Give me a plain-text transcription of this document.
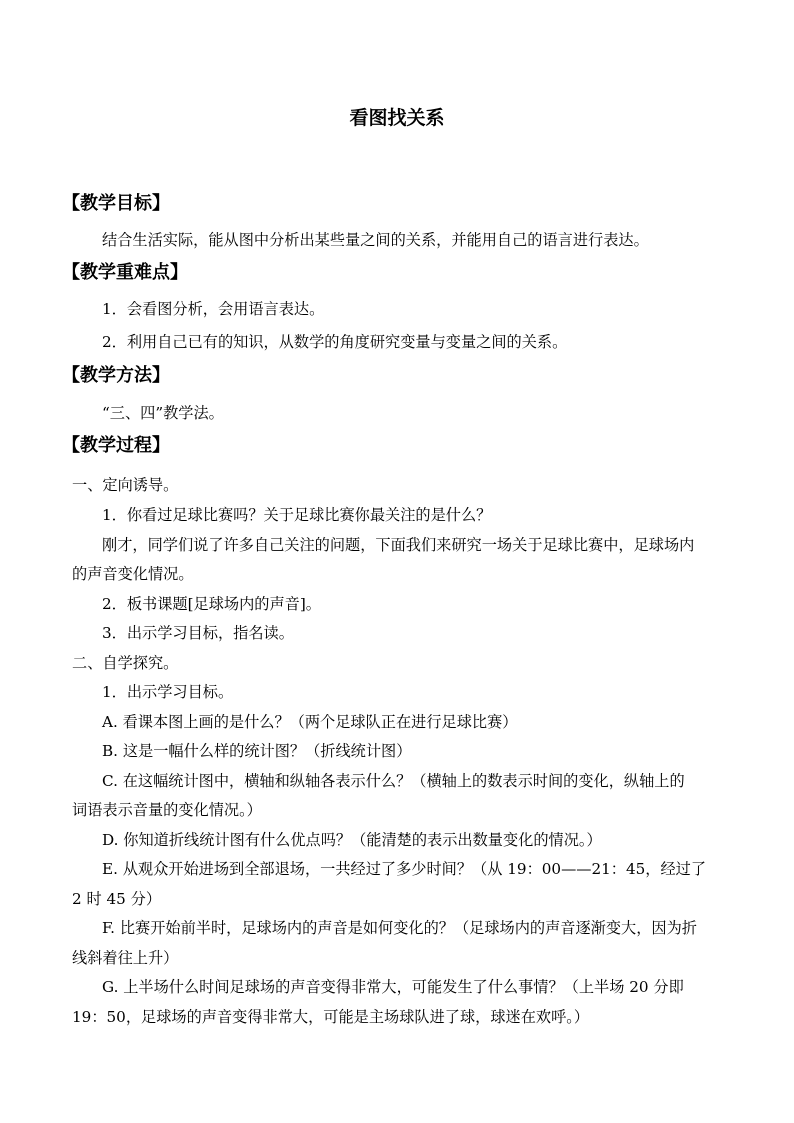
看图找关系
【教学目标】
结合生活实际，能从图中分析出某些量之间的关系，并能用自己的语言进行表达。
【教学重难点】
1．会看图分析，会用语言表达。
2．利用自己已有的知识，从数学的角度研究变量与变量之间的关系。
【教学方法】
“三、四”教学法。
【教学过程】
一、定向诱导。
1．你看过足球比赛吗？关于足球比赛你最关注的是什么？
刚才，同学们说了许多自己关注的问题，下面我们来研究一场关于足球比赛中，足球场内
的声音变化情况。
2．板书课题[足球场内的声音]。
3．出示学习目标，指名读。
二、自学探究。
1．出示学习目标。
A. 看课本图上画的是什么？（两个足球队正在进行足球比赛）
B. 这是一幅什么样的统计图？（折线统计图）
C. 在这幅统计图中，横轴和纵轴各表示什么？（横轴上的数表示时间的变化，纵轴上的
词语表示音量的变化情况。）
D. 你知道折线统计图有什么优点吗？（能清楚的表示出数量变化的情况。）
E. 从观众开始进场到全部退场，一共经过了多少时间？（从 19：00——21：45，经过了
2 时 45 分）
F. 比赛开始前半时，足球场内的声音是如何变化的？（足球场内的声音逐渐变大，因为折
线斜着往上升）
G. 上半场什么时间足球场的声音变得非常大，可能发生了什么事情？（上半场 20 分即
19：50，足球场的声音变得非常大，可能是主场球队进了球，球迷在欢呼。）
